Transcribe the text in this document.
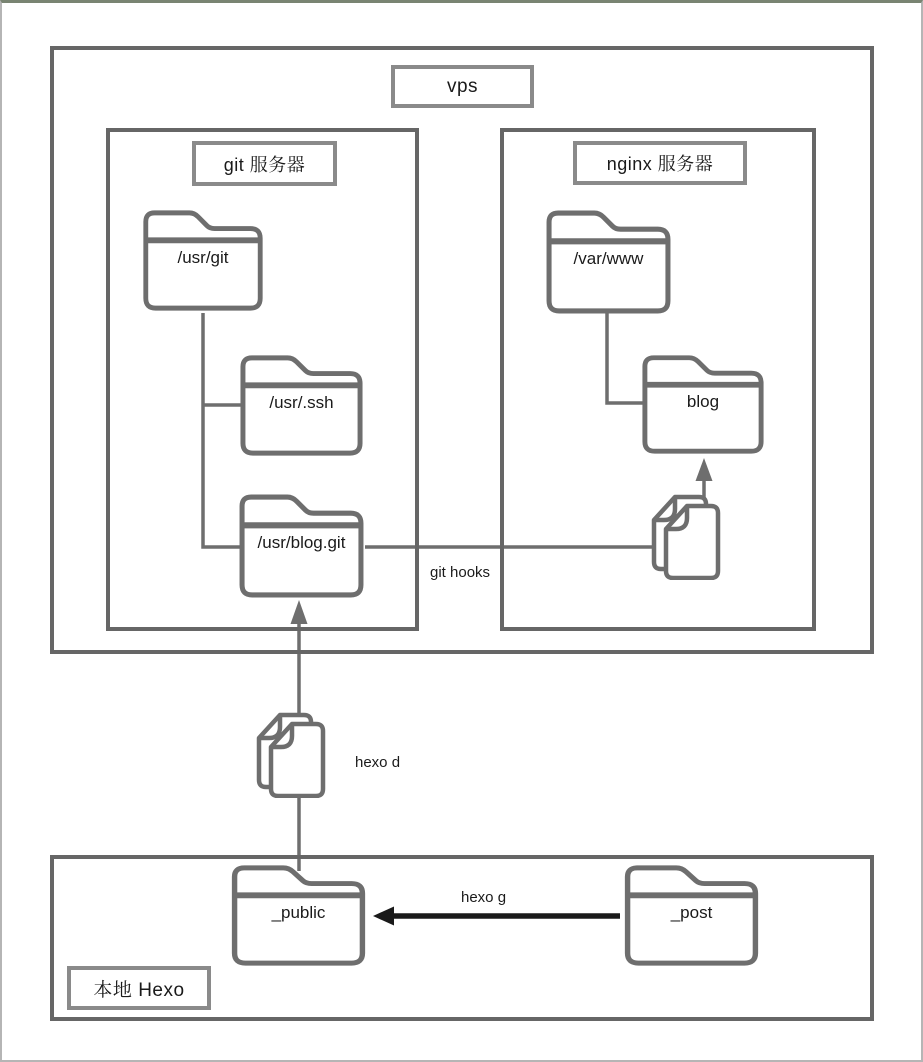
vps
git 服务器	nginx 服务器
本地 Hexo
/usr/git
/usr/.ssh
/usr/blog.git
/var/www
blog
_public	_post
git hooks
hexo d
hexo g
